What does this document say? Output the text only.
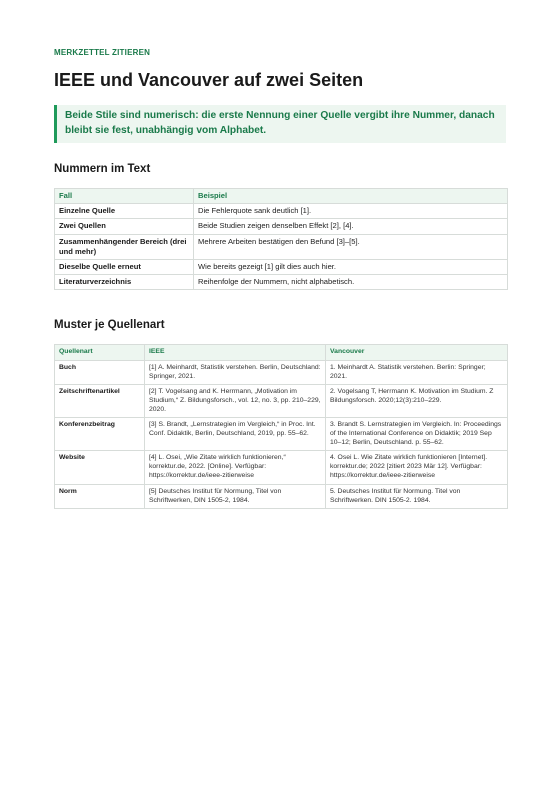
MERKZETTEL ZITIEREN

IEEE und Vancouver auf zwei Seiten
Beide Stile sind numerisch: die erste Nennung einer Quelle vergibt ihre Nummer, danach bleibt sie fest, unabhängig vom Alphabet.
Nummern im Text
Fall	Beispiel
Einzelne Quelle	Die Fehlerquote sank deutlich [1].
Zwei Quellen	Beide Studien zeigen denselben Effekt [2], [4].
Zusammenhängender Bereich (drei und mehr)	Mehrere Arbeiten bestätigen den Befund [3]–[5].
Dieselbe Quelle erneut	Wie bereits gezeigt [1] gilt dies auch hier.
Literaturverzeichnis	Reihenfolge der Nummern, nicht alphabetisch.
Muster je Quellenart
Quellenart	IEEE	Vancouver
Buch	[1] A. Meinhardt, Statistik verstehen. Berlin, Deutschland: Springer, 2021.	1. Meinhardt A. Statistik verstehen. Berlin: Springer; 2021.
Zeitschriftenartikel	[2] T. Vogelsang and K. Herrmann, „Motivation im Studium,“ Z. Bildungsforsch., vol. 12, no. 3, pp. 210–229, 2020.	2. Vogelsang T, Herrmann K. Motivation im Studium. Z Bildungsforsch. 2020;12(3):210–229.
Konferenzbeitrag	[3] S. Brandt, „Lernstrategien im Vergleich,“ in Proc. Int. Conf. Didaktik, Berlin, Deutschland, 2019, pp. 55–62.	3. Brandt S. Lernstrategien im Vergleich. In: Proceedings of the International Conference on Didaktik; 2019 Sep 10–12; Berlin, Deutschland. p. 55–62.
Website	[4] L. Osei, „Wie Zitate wirklich funktionieren,“ korrektur.de, 2022. [Online]. Verfügbar: https://korrektur.de/ieee-zitierweise	4. Osei L. Wie Zitate wirklich funktionieren [Internet]. korrektur.de; 2022 [zitiert 2023 Mär 12]. Verfügbar: https://korrektur.de/ieee-zitierweise
Norm	[5] Deutsches Institut für Normung, Titel von Schriftwerken, DIN 1505-2, 1984.	5. Deutsches Institut für Normung. Titel von Schriftwerken. DIN 1505-2. 1984.
